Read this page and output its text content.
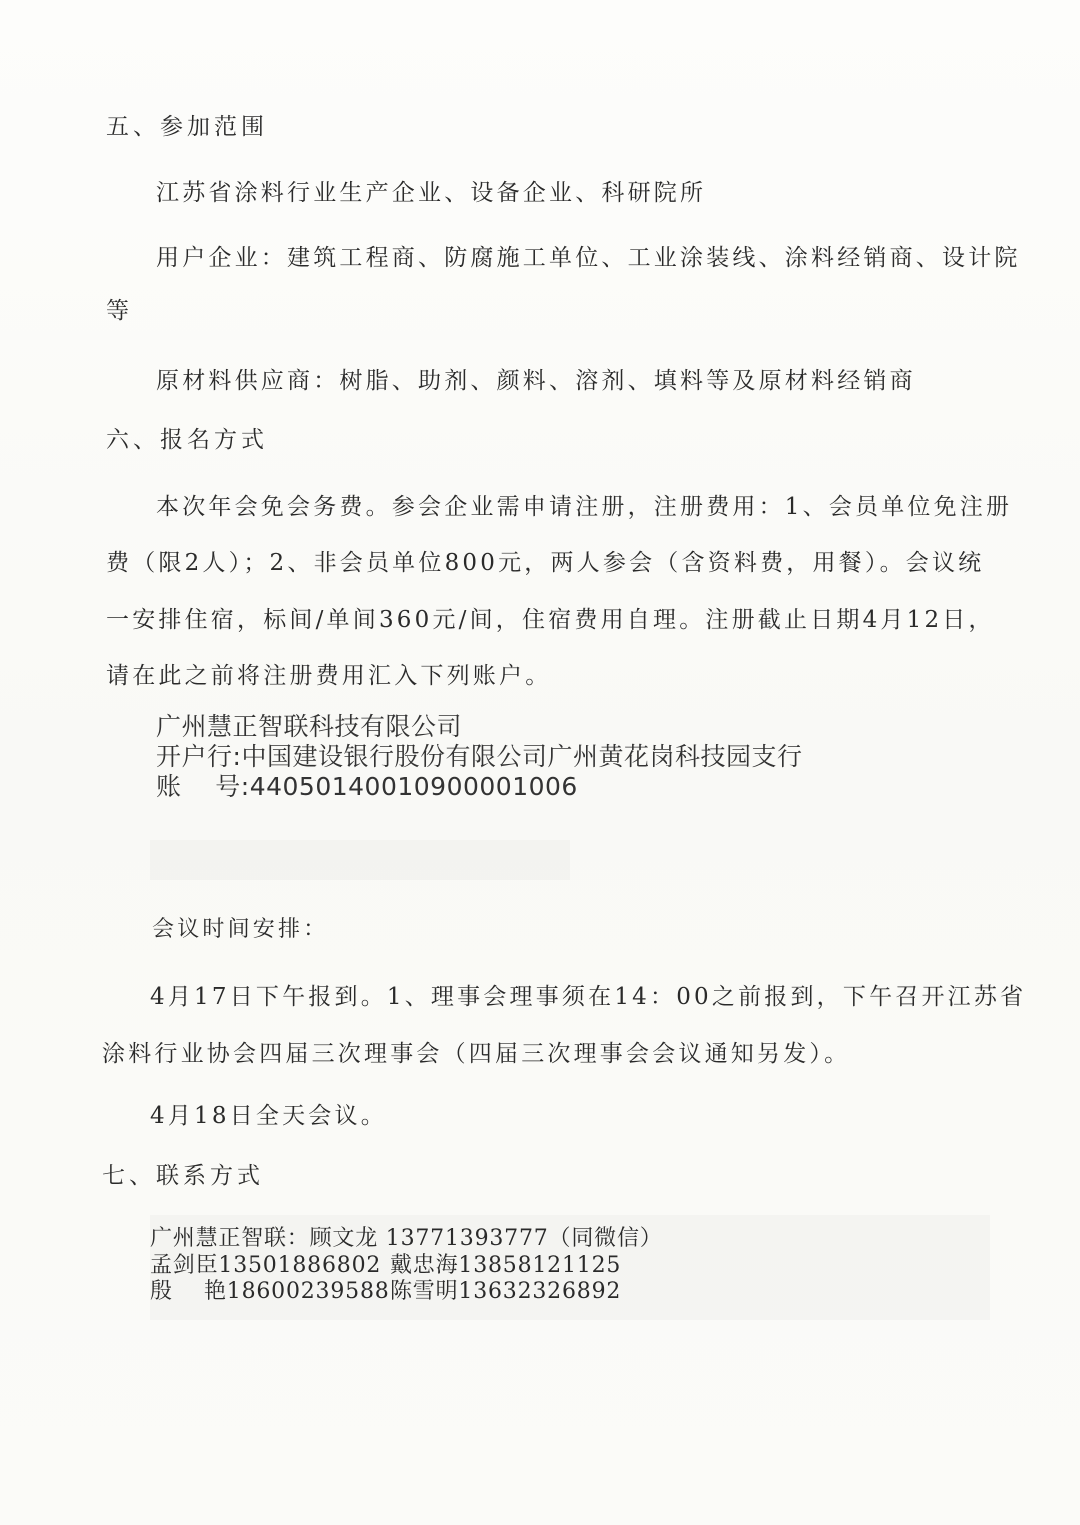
五、参加范围
江苏省涂料行业生产企业、设备企业、科研院所
用户企业：建筑工程商、防腐施工单位、工业涂装线、涂料经销商、设计院
等
原材料供应商：树脂、助剂、颜料、溶剂、填料等及原材料经销商
六、报名方式
本次年会免会务费。参会企业需申请注册，注册费用：1、会员单位免注册
费（限2人）；2、非会员单位800元，两人参会（含资料费，用餐）。会议统
一安排住宿，标间/单间360元/间，住宿费用自理。注册截止日期4月12日，
请在此之前将注册费用汇入下列账户。
广州慧正智联科技有限公司
开户行:中国建设银行股份有限公司广州黄花岗科技园支行
账    号:44050140010900001006
会议时间安排：
4月17日下午报到。1、理事会理事须在14：00之前报到，下午召开江苏省
涂料行业协会四届三次理事会（四届三次理事会会议通知另发）。
4月18日全天会议。
七、联系方式
广州慧正智联：顾文龙 13771393777（同微信）
孟剑臣13501886802 戴忠海13858121125
殷    艳18600239588 陈雪明13632326892
